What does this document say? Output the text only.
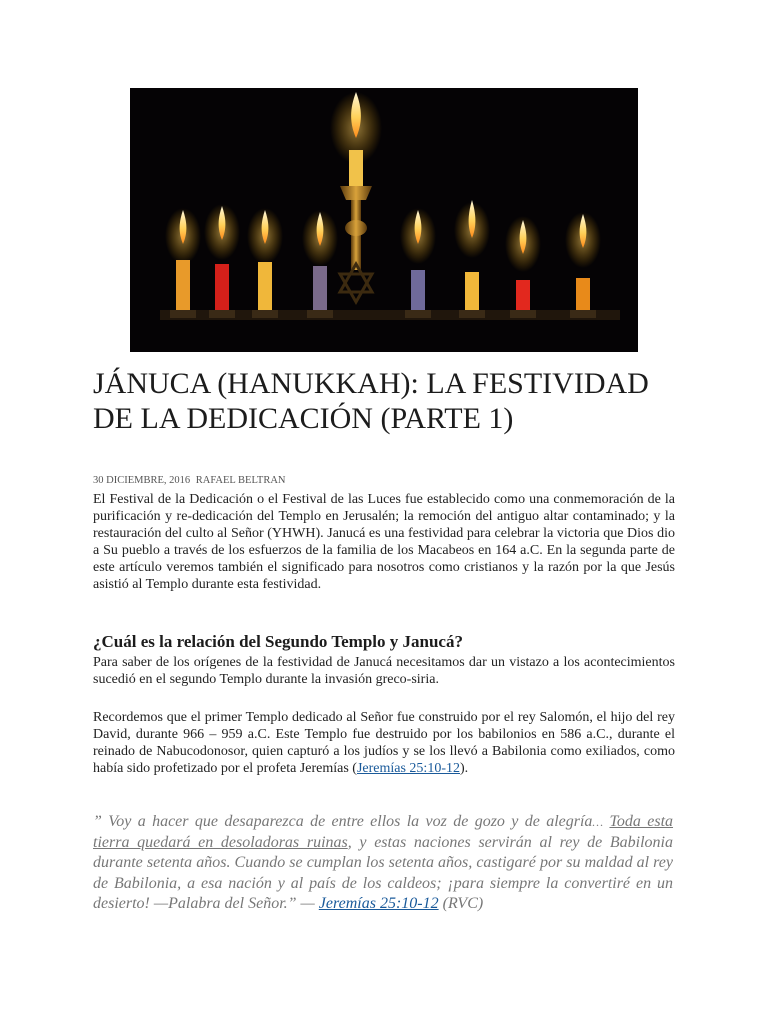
JÁNUCA (HANUKKAH): LA FESTIVIDAD DE LA DEDICACIÓN (PARTE 1)
30 DICIEMBRE, 2016 RAFAEL BELTRAN
El Festival de la Dedicación o el Festival de las Luces fue establecido como una conmemoración de la purificación y re-dedicación del Templo en Jerusalén; la remoción del antiguo altar contaminado; y la restauración del culto al Señor (YHWH). Janucá es una festividad para celebrar la victoria que Dios dio a Su pueblo a través de los esfuerzos de la familia de los Macabeos en 164 a.C. En la segunda parte de este artículo veremos también el significado para nosotros como cristianos y la razón por la que Jesús asistió al Templo durante esta festividad.
¿Cuál es la relación del Segundo Templo y Janucá?
Para saber de los orígenes de la festividad de Janucá necesitamos dar un vistazo a los acontecimientos sucedió en el segundo Templo durante la invasión greco-siria.
Recordemos que el primer Templo dedicado al Señor fue construido por el rey Salomón, el hijo del rey David, durante 966 – 959 a.C. Este Templo fue destruido por los babilonios en 586 a.C., durante el reinado de Nabucodonosor, quien capturó a los judíos y se los llevó a Babilonia como exiliados, como había sido profetizado por el profeta Jeremías (Jeremías 25:10-12).
” Voy a hacer que desaparezca de entre ellos la voz de gozo y de alegría… Toda esta tierra quedará en desoladoras ruinas, y estas naciones servirán al rey de Babilonia durante setenta años. Cuando se cumplan los setenta años, castigaré por su maldad al rey de Babilonia, a esa nación y al país de los caldeos; ¡para siempre la convertiré en un desierto! —Palabra del Señor.” — Jeremías 25:10-12 (RVC)
